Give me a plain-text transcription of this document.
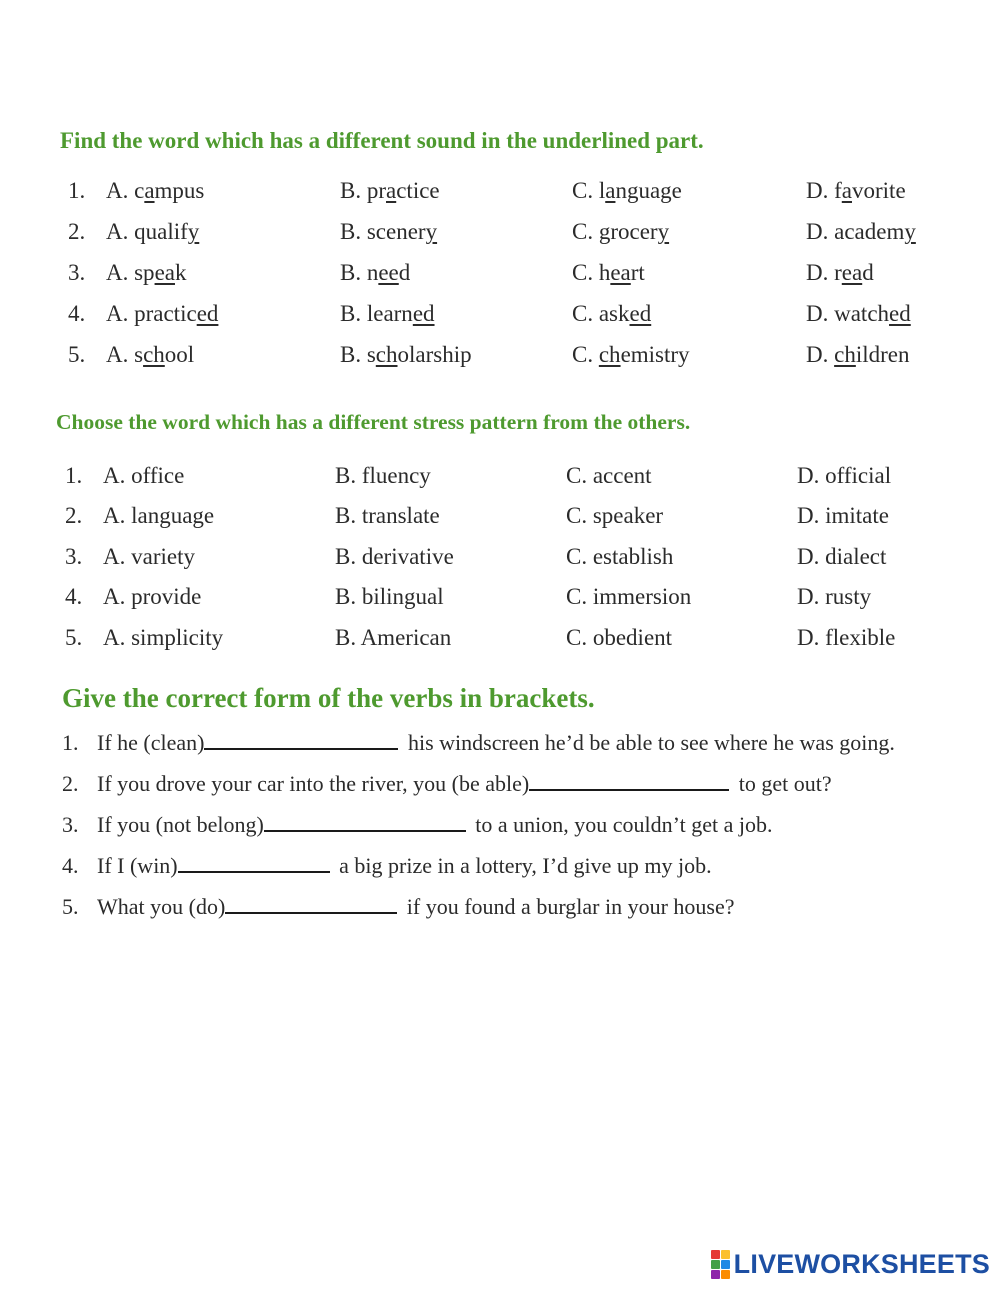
Find the word which has a different sound in the underlined part.
1. A. campus	B. practice	C. language	D. favorite
2. A. qualify	B. scenery	C. grocery	D. academy
3. A. speak	B. need	C. heart	D. read
4. A. practiced	B. learned	C. asked	D. watched
5. A. school	B. scholarship	C. chemistry	D. children
Choose the word which has a different stress pattern from the others.
1. A. office	B. fluency	C. accent	D. official
2. A. language	B. translate	C. speaker	D. imitate
3. A. variety	B. derivative	C. establish	D. dialect
4. A. provide	B. bilingual	C. immersion	D. rusty
5. A. simplicity	B. American	C. obedient	D. flexible
Give the correct form of the verbs in brackets.
1. If he (clean)	his windscreen he’d be able to see where he was going.
2. If you drove your car into the river, you (be able)	to get out?
3. If you (not belong)	to a union, you couldn’t get a job.
4. If I (win)	a big prize in a lottery, I’d give up my job.
5. What you (do)	if you found a burglar in your house?
LIVEWORKSHEETS
